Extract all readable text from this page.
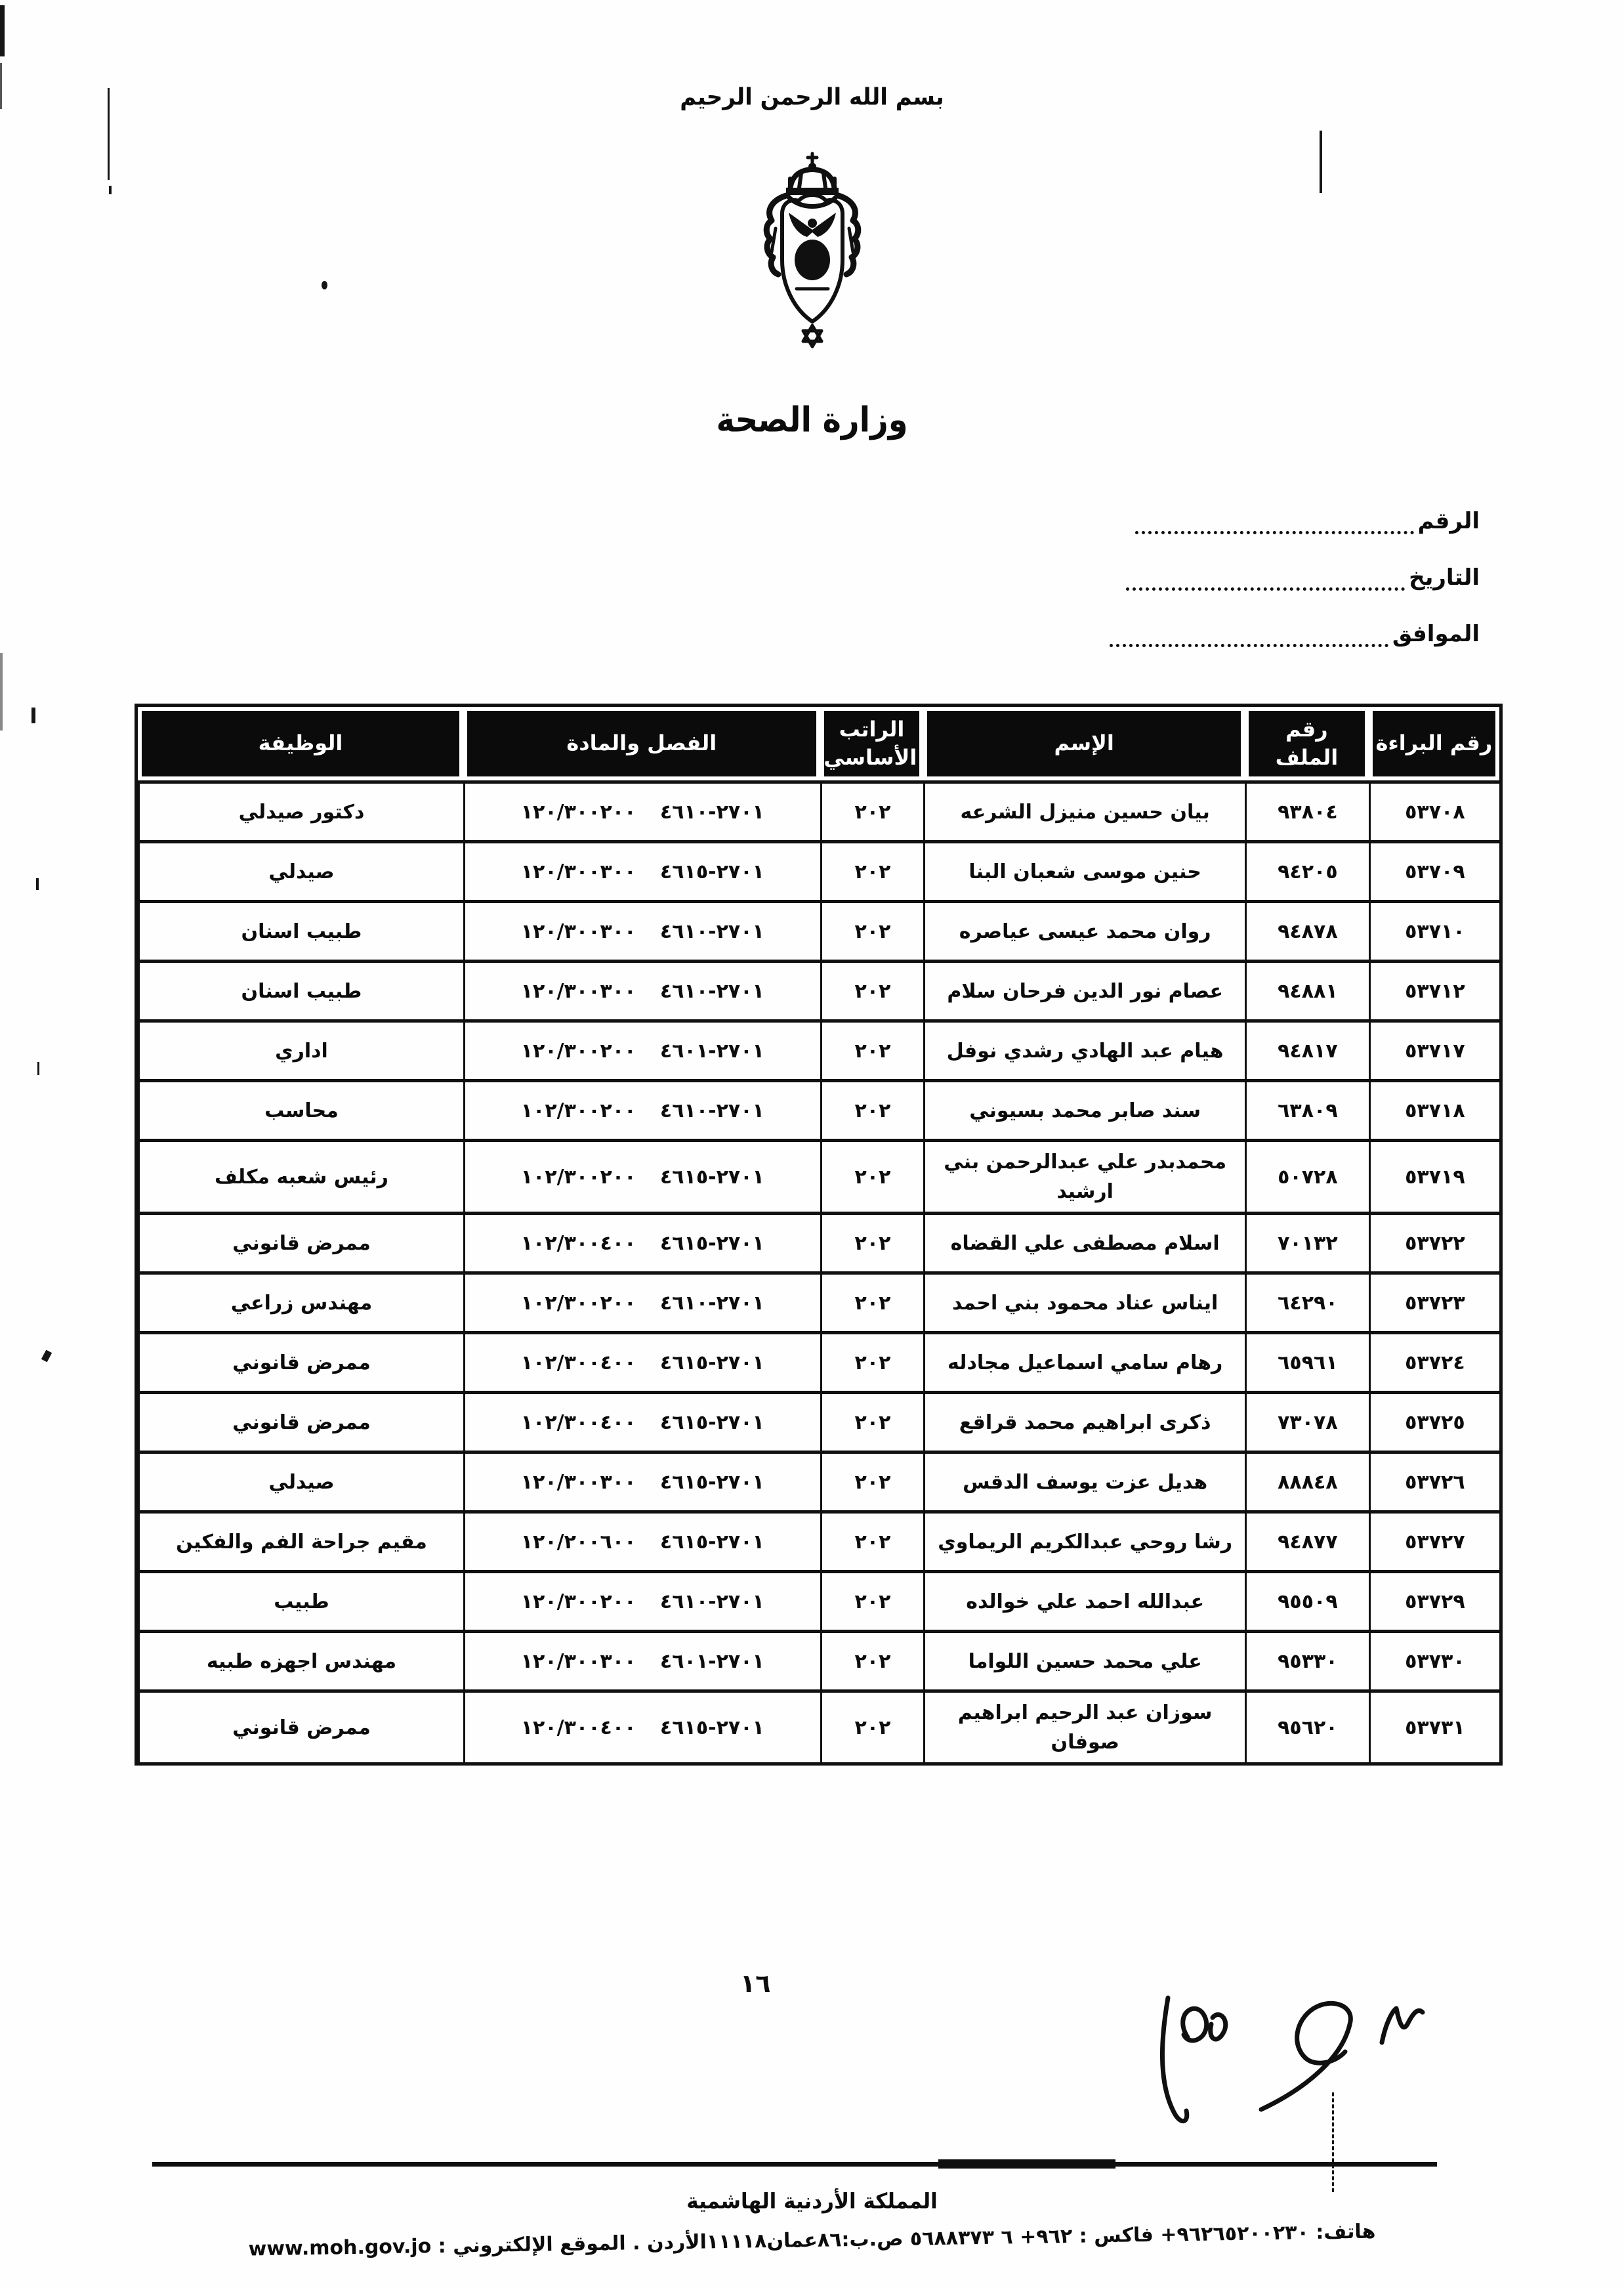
بسم الله الرحمن الرحيم
وزارة الصحة
الرقم
التاريخ
الموافق
رقم البراءة	رقم الملف	الإسم	الراتب الأساسي	الفصل والمادة	الوظيفة
٥٣٧٠٨	٩٣٨٠٤	بيان حسين منيزل الشرعه	٢٠٢	١٢٠/٣٠٠٢٠٠ ٤٦١٠-٢٧٠١	دكتور صيدلي
٥٣٧٠٩	٩٤٢٠٥	حنين موسى شعبان البنا	٢٠٢	١٢٠/٣٠٠٣٠٠ ٤٦١٥-٢٧٠١	صيدلي
٥٣٧١٠	٩٤٨٧٨	روان محمد عيسى عياصره	٢٠٢	١٢٠/٣٠٠٣٠٠ ٤٦١٠-٢٧٠١	طبيب اسنان
٥٣٧١٢	٩٤٨٨١	عصام نور الدين فرحان سلام	٢٠٢	١٢٠/٣٠٠٣٠٠ ٤٦١٠-٢٧٠١	طبيب اسنان
٥٣٧١٧	٩٤٨١٧	هيام عبد الهادي رشدي نوفل	٢٠٢	١٢٠/٣٠٠٢٠٠ ٤٦٠١-٢٧٠١	اداري
٥٣٧١٨	٦٣٨٠٩	سند صابر محمد بسيوني	٢٠٢	١٠٢/٣٠٠٢٠٠ ٤٦١٠-٢٧٠١	محاسب
٥٣٧١٩	٥٠٧٢٨	محمدبدر علي عبدالرحمن بني ارشيد	٢٠٢	١٠٢/٣٠٠٢٠٠ ٤٦١٥-٢٧٠١	رئيس شعبه مكلف
٥٣٧٢٢	٧٠١٣٢	اسلام مصطفى علي القضاه	٢٠٢	١٠٢/٣٠٠٤٠٠ ٤٦١٥-٢٧٠١	ممرض قانوني
٥٣٧٢٣	٦٤٢٩٠	ايناس عناد محمود بني احمد	٢٠٢	١٠٢/٣٠٠٢٠٠ ٤٦١٠-٢٧٠١	مهندس زراعي
٥٣٧٢٤	٦٥٩٦١	رهام سامي اسماعيل مجادله	٢٠٢	١٠٢/٣٠٠٤٠٠ ٤٦١٥-٢٧٠١	ممرض قانوني
٥٣٧٢٥	٧٣٠٧٨	ذكرى ابراهيم محمد قراقع	٢٠٢	١٠٢/٣٠٠٤٠٠ ٤٦١٥-٢٧٠١	ممرض قانوني
٥٣٧٢٦	٨٨٨٤٨	هديل عزت يوسف الدقس	٢٠٢	١٢٠/٣٠٠٣٠٠ ٤٦١٥-٢٧٠١	صيدلي
٥٣٧٢٧	٩٤٨٧٧	رشا روحي عبدالكريم الريماوي	٢٠٢	١٢٠/٢٠٠٦٠٠ ٤٦١٥-٢٧٠١	مقيم جراحة الفم والفكين
٥٣٧٢٩	٩٥٥٠٩	عبدالله احمد علي خوالده	٢٠٢	١٢٠/٣٠٠٢٠٠ ٤٦١٠-٢٧٠١	طبيب
٥٣٧٣٠	٩٥٣٣٠	علي محمد حسين اللواما	٢٠٢	١٢٠/٣٠٠٣٠٠ ٤٦٠١-٢٧٠١	مهندس اجهزه طبيه
٥٣٧٣١	٩٥٦٢٠	سوزان عبد الرحيم ابراهيم صوفان	٢٠٢	١٢٠/٣٠٠٤٠٠ ٤٦١٥-٢٧٠١	ممرض قانوني
١٦
المملكة الأردنية الهاشمية
هاتف: ٩٦٢٦٥٢٠٠٢٣٠+ فاكس : ٩٦٢+ ٦ ٥٦٨٨٣٧٣ ص.ب:٨٦عمان١١١١٨الأردن . الموقع الإلكتروني : www.moh.gov.jo
